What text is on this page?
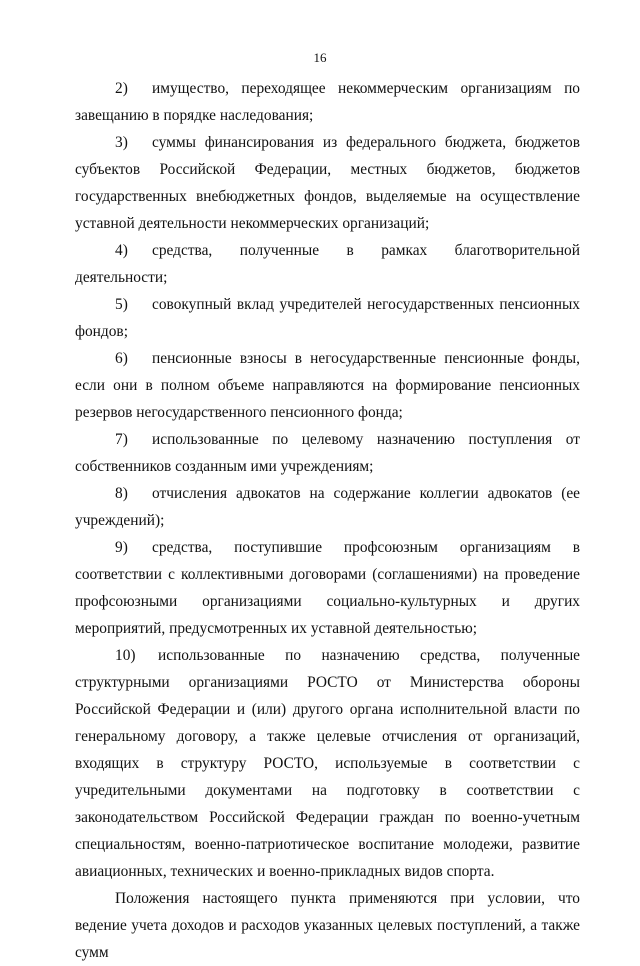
16

2) имущество, переходящее некоммерческим организациям по завещанию в порядке наследования;

3) суммы финансирования из федерального бюджета, бюджетов субъектов Российской Федерации, местных бюджетов, бюджетов государственных внебюджетных фондов, выделяемые на осуществление уставной деятельности некоммерческих организаций;

4) средства, полученные в рамках благотворительной деятельности;

5) совокупный вклад учредителей негосударственных пенсионных фондов;

6) пенсионные взносы в негосударственные пенсионные фонды, если они в полном объеме направляются на формирование пенсионных резервов негосударственного пенсионного фонда;

7) использованные по целевому назначению поступления от собственников созданным ими учреждениям;

8) отчисления адвокатов на содержание коллегии адвокатов (ее учреждений);

9) средства, поступившие профсоюзным организациям в соответствии с коллективными договорами (соглашениями) на проведение профсоюзными организациями социально-культурных и других мероприятий, предусмотренных их уставной деятельностью;

10) использованные по назначению средства, полученные структурными организациями РОСТО от Министерства обороны Российской Федерации и (или) другого органа исполнительной власти по генеральному договору, а также целевые отчисления от организаций, входящих в структуру РОСТО, используемые в соответствии с учредительными документами на подготовку в соответствии с законодательством Российской Федерации граждан по военно-учетным специальностям, военно-патриотическое воспитание молодежи, развитие авиационных, технических и военно-прикладных видов спорта.

Положения настоящего пункта применяются при условии, что ведение учета доходов и расходов указанных целевых поступлений, а также сумм
